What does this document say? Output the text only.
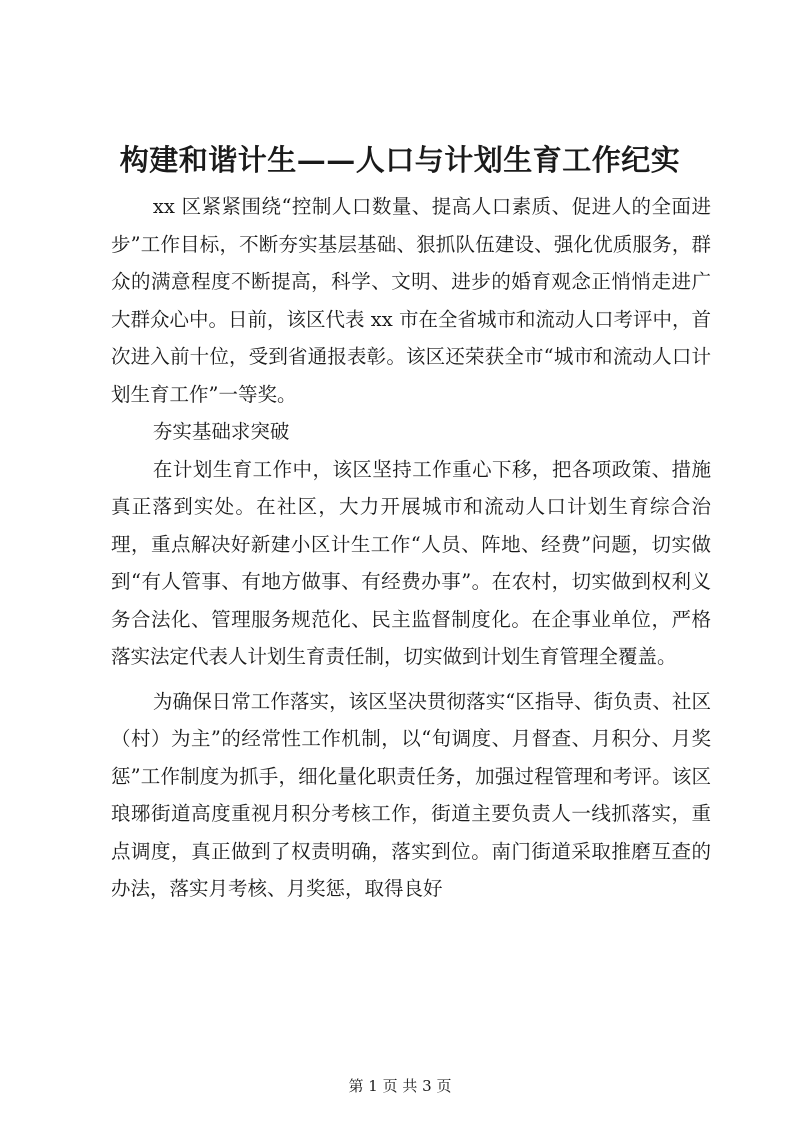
构建和谐计生——人口与计划生育工作纪实

xx 区紧紧围绕“控制人口数量、提高人口素质、促进人的全面进步”工作目标，不断夯实基层基础、狠抓队伍建设、强化优质服务，群众的满意程度不断提高，科学、文明、进步的婚育观念正悄悄走进广大群众心中。日前，该区代表 xx 市在全省城市和流动人口考评中，首次进入前十位，受到省通报表彰。该区还荣获全市“城市和流动人口计划生育工作”一等奖。

夯实基础求突破

在计划生育工作中，该区坚持工作重心下移，把各项政策、措施真正落到实处。在社区，大力开展城市和流动人口计划生育综合治理，重点解决好新建小区计生工作“人员、阵地、经费”问题，切实做到“有人管事、有地方做事、有经费办事”。在农村，切实做到权利义务合法化、管理服务规范化、民主监督制度化。在企事业单位，严格落实法定代表人计划生育责任制，切实做到计划生育管理全覆盖。

为确保日常工作落实，该区坚决贯彻落实“区指导、街负责、社区（村）为主”的经常性工作机制，以“旬调度、月督查、月积分、月奖惩”工作制度为抓手，细化量化职责任务，加强过程管理和考评。该区琅琊街道高度重视月积分考核工作，街道主要负责人一线抓落实，重点调度，真正做到了权责明确，落实到位。南门街道采取推磨互查的办法，落实月考核、月奖惩，取得良好

第 1 页 共 3 页
